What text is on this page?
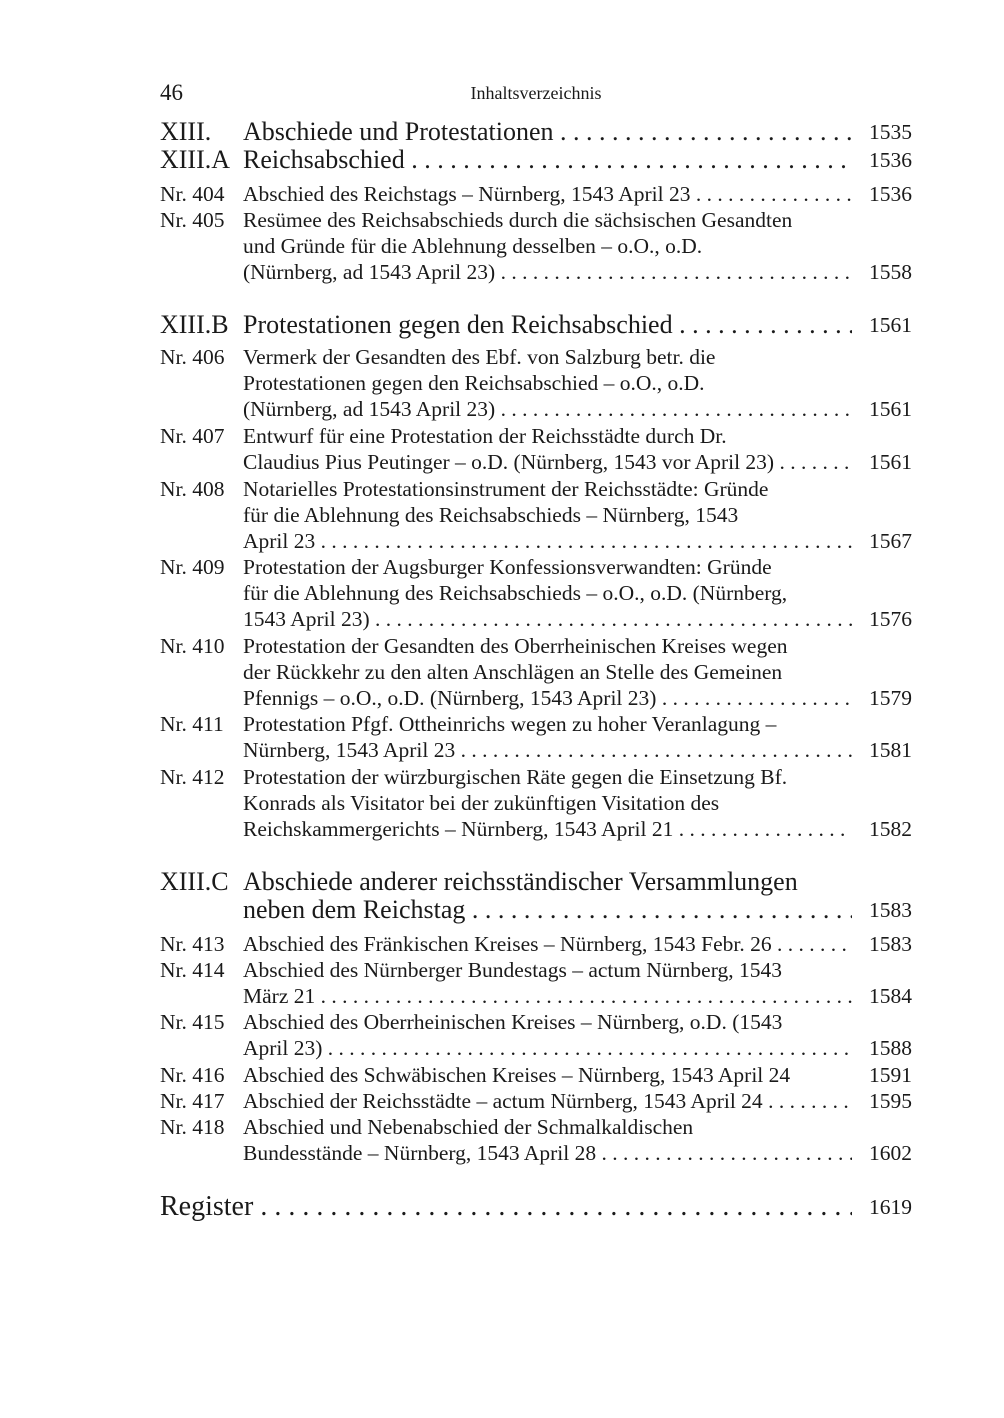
46	Inhaltsverzeichnis
XIII. Abschiede und Protestationen . . .	1535
XIII.A Reichsabschied . . .	1536
Nr. 404 Abschied des Reichstags – Nürnberg, 1543 April 23 . . .	1536
Nr. 405 Resümee des Reichsabschieds durch die sächsischen Gesandten
und Gründe für die Ablehnung desselben – o.O., o.D.
(Nürnberg, ad 1543 April 23) . . .	1558
XIII.B Protestationen gegen den Reichsabschied . . .	1561
Nr. 406 Vermerk der Gesandten des Ebf. von Salzburg betr. die
Protestationen gegen den Reichsabschied – o.O., o.D.
(Nürnberg, ad 1543 April 23) . . .	1561
Nr. 407 Entwurf für eine Protestation der Reichsstädte durch Dr.
Claudius Pius Peutinger – o.D. (Nürnberg, 1543 vor April 23) . . .	1561
Nr. 408 Notarielles Protestationsinstrument der Reichsstädte: Gründe
für die Ablehnung des Reichsabschieds – Nürnberg, 1543
April 23 . . .	1567
Nr. 409 Protestation der Augsburger Konfessionsverwandten: Gründe
für die Ablehnung des Reichsabschieds – o.O., o.D. (Nürnberg,
1543 April 23) . . .	1576
Nr. 410 Protestation der Gesandten des Oberrheinischen Kreises wegen
der Rückkehr zu den alten Anschlägen an Stelle des Gemeinen
Pfennigs – o.O., o.D. (Nürnberg, 1543 April 23) . . .	1579
Nr. 411 Protestation Pfgf. Ottheinrichs wegen zu hoher Veranlagung –
Nürnberg, 1543 April 23 . . .	1581
Nr. 412 Protestation der würzburgischen Räte gegen die Einsetzung Bf.
Konrads als Visitator bei der zukünftigen Visitation des
Reichskammergerichts – Nürnberg, 1543 April 21 . . .	1582
XIII.C Abschiede anderer reichsständischer Versammlungen
neben dem Reichstag . . .	1583
Nr. 413 Abschied des Fränkischen Kreises – Nürnberg, 1543 Febr. 26 . . .	1583
Nr. 414 Abschied des Nürnberger Bundestags – actum Nürnberg, 1543
März 21 . . .	1584
Nr. 415 Abschied des Oberrheinischen Kreises – Nürnberg, o.D. (1543
April 23) . . .	1588
Nr. 416 Abschied des Schwäbischen Kreises – Nürnberg, 1543 April 24	1591
Nr. 417 Abschied der Reichsstädte – actum Nürnberg, 1543 April 24 . . .	1595
Nr. 418 Abschied und Nebenabschied der Schmalkaldischen
Bundesstände – Nürnberg, 1543 April 28 . . .	1602
Register . . .	1619
